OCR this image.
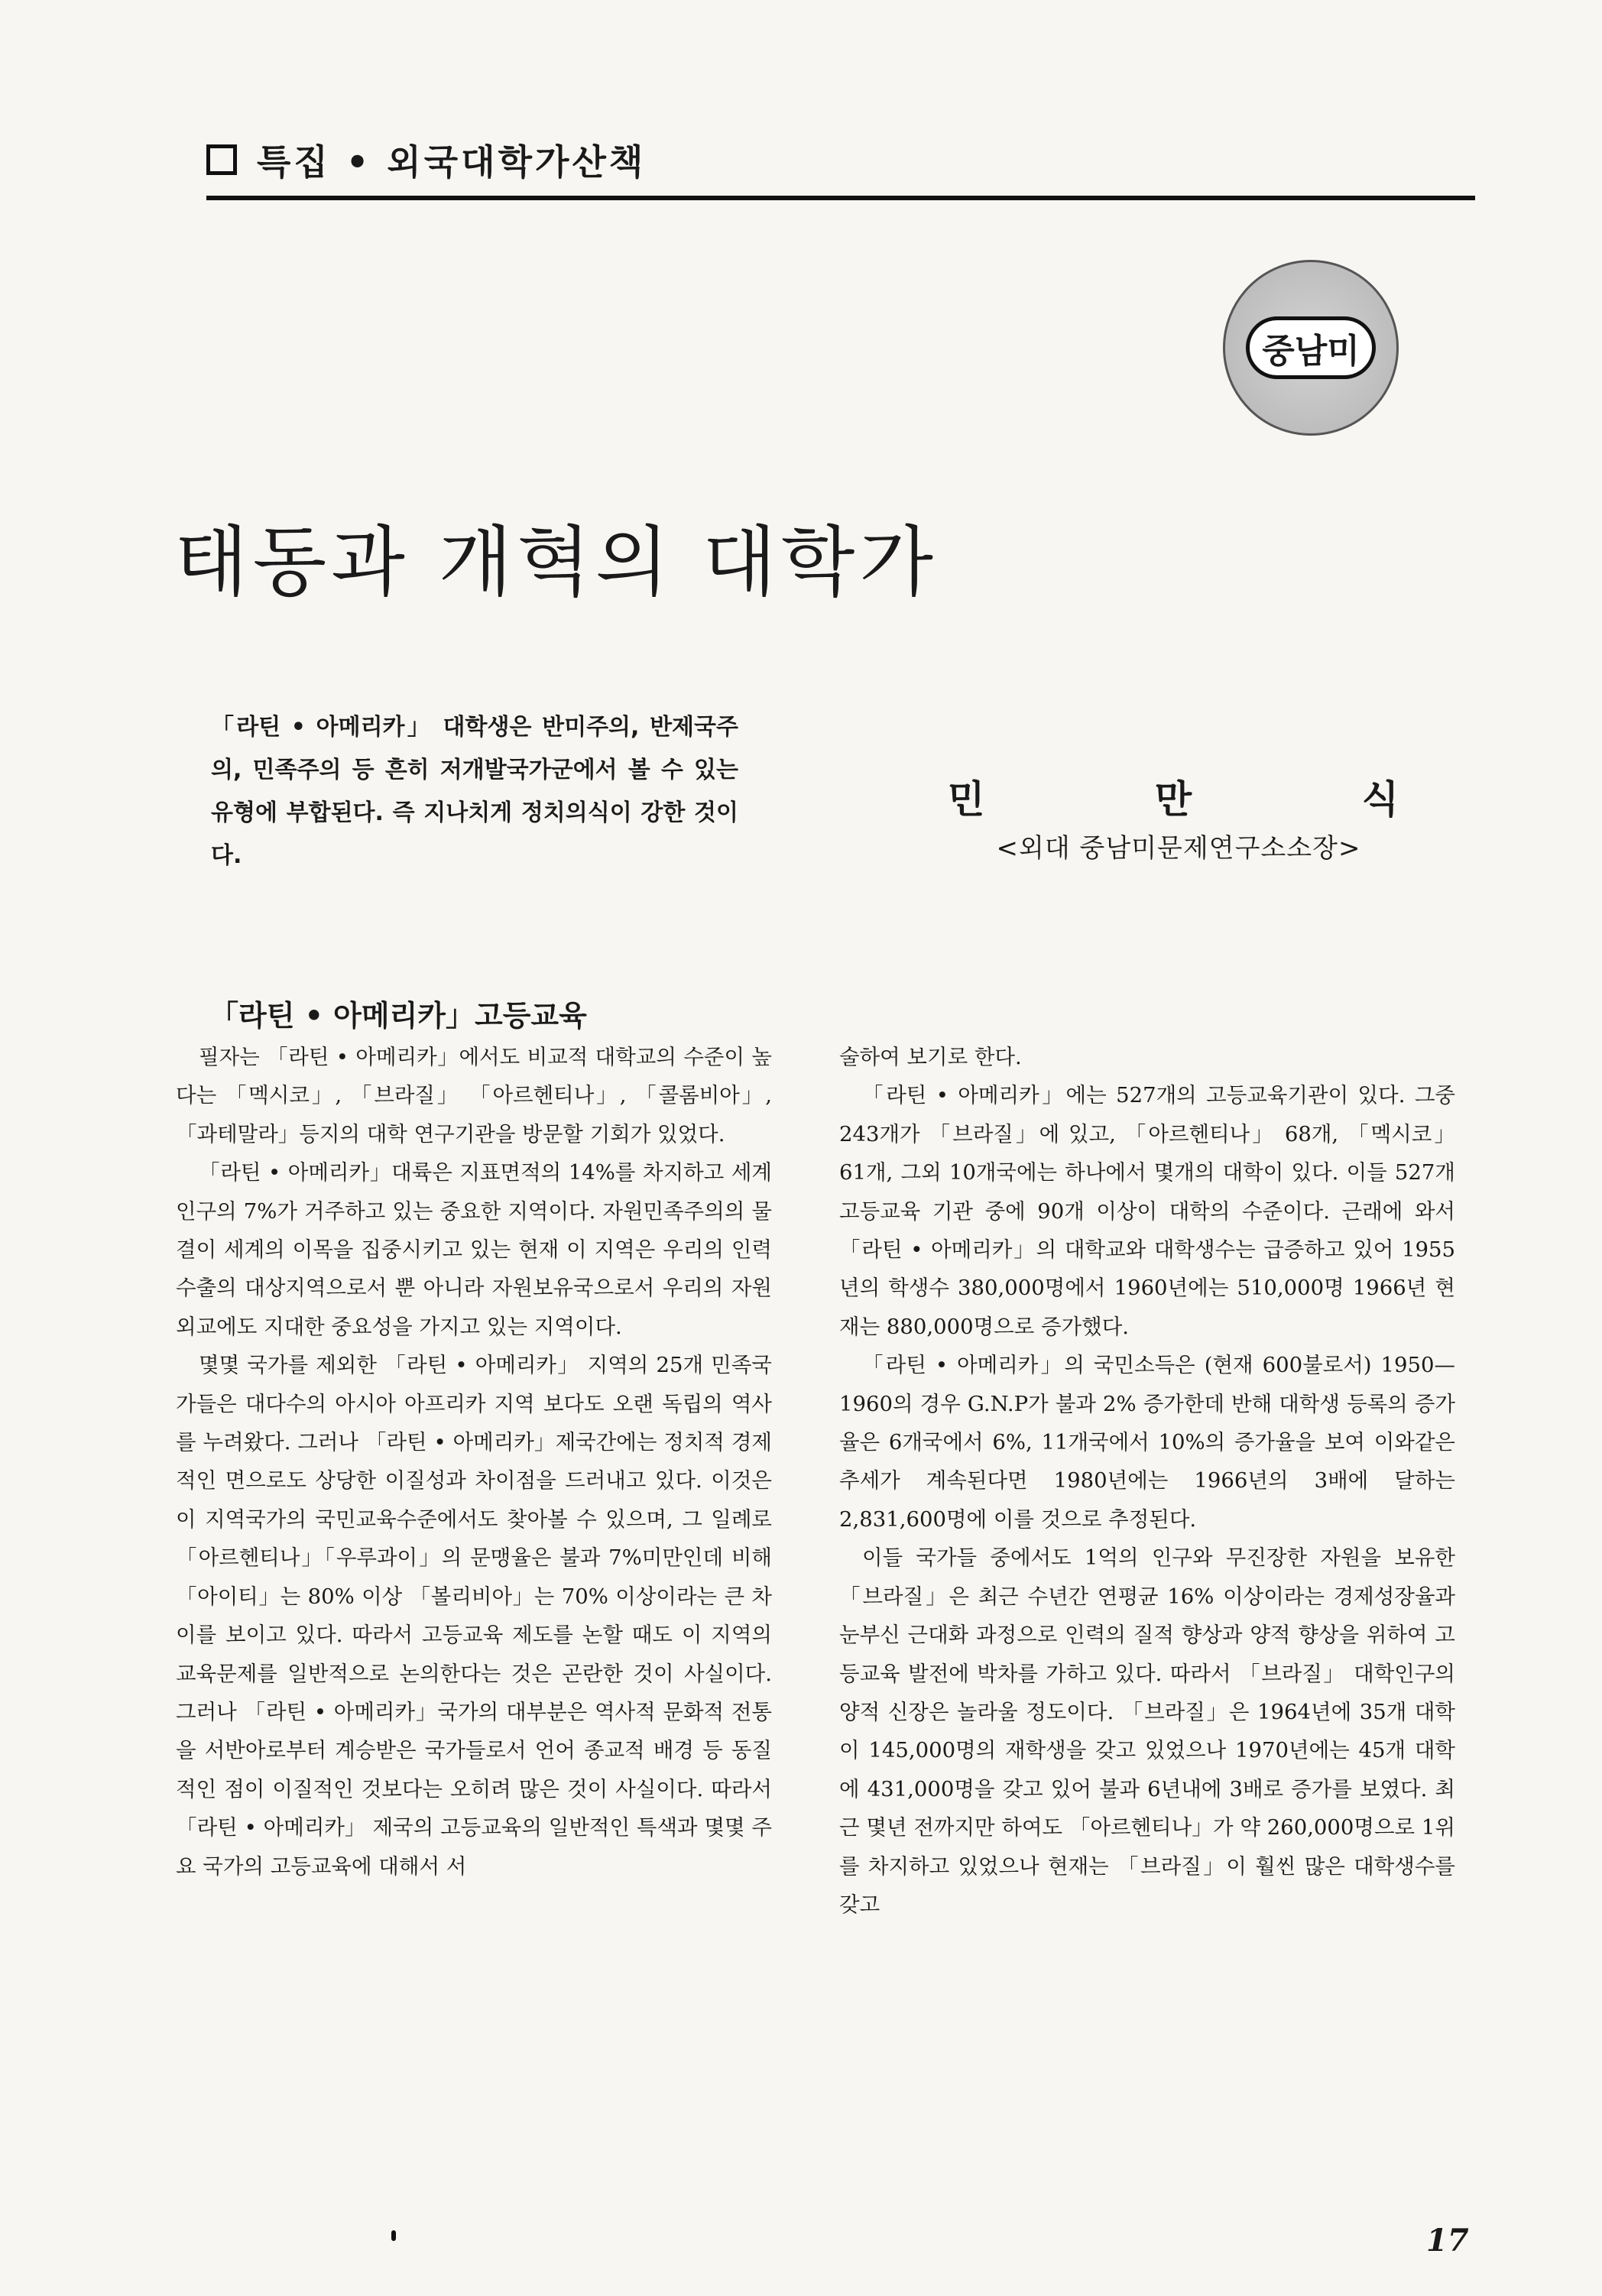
특집 • 외국대학가산책
중남미
태동과 개혁의 대학가
「라틴 • 아메리카」 대학생은 반미주의, 반제국주의, 민족주의 등 흔히 저개발국가군에서 볼 수 있는 유형에 부합된다. 즉 지나치게 정치의식이 강한 것이다.
민	만	식
<외대 중남미문제연구소소장>
「라틴 • 아메리카」고등교육

필자는 「라틴 • 아메리카」에서도 비교적 대학교의 수준이 높다는 「멕시코」, 「브라질」 「아르헨티나」, 「콜롬비아」, 「과테말라」등지의 대학 연구기관을 방문할 기회가 있었다.

「라틴 • 아메리카」대륙은 지표면적의 14%를 차지하고 세계인구의 7%가 거주하고 있는 중요한 지역이다. 자원민족주의의 물결이 세계의 이목을 집중시키고 있는 현재 이 지역은 우리의 인력수출의 대상지역으로서 뿐 아니라 자원보유국으로서 우리의 자원외교에도 지대한 중요성을 가지고 있는 지역이다.

몇몇 국가를 제외한 「라틴 • 아메리카」 지역의 25개 민족국가들은 대다수의 아시아 아프리카 지역 보다도 오랜 독립의 역사를 누려왔다. 그러나 「라틴 • 아메리카」제국간에는 정치적 경제적인 면으로도 상당한 이질성과 차이점을 드러내고 있다. 이것은 이 지역국가의 국민교육수준에서도 찾아볼 수 있으며, 그 일례로 「아르헨티나」「우루과이」의 문맹율은 불과 7%미만인데 비해 「아이티」는 80% 이상 「볼리비아」는 70% 이상이라는 큰 차이를 보이고 있다. 따라서 고등교육 제도를 논할 때도 이 지역의 교육문제를 일반적으로 논의한다는 것은 곤란한 것이 사실이다. 그러나 「라틴 • 아메리카」국가의 대부분은 역사적 문화적 전통을 서반아로부터 계승받은 국가들로서 언어 종교적 배경 등 동질적인 점이 이질적인 것보다는 오히려 많은 것이 사실이다. 따라서 「라틴 • 아메리카」 제국의 고등교육의 일반적인 특색과 몇몇 주요 국가의 고등교육에 대해서 서

술하여 보기로 한다.

「라틴 • 아메리카」에는 527개의 고등교육기관이 있다. 그중 243개가 「브라질」에 있고, 「아르헨티나」 68개, 「멕시코」 61개, 그외 10개국에는 하나에서 몇개의 대학이 있다. 이들 527개 고등교육 기관 중에 90개 이상이 대학의 수준이다. 근래에 와서 「라틴 • 아메리카」의 대학교와 대학생수는 급증하고 있어 1955년의 학생수 380,000명에서 1960년에는 510,000명 1966년 현재는 880,000명으로 증가했다.

「라틴 • 아메리카」의 국민소득은 (현재 600불로서) 1950—1960의 경우 G.N.P가 불과 2% 증가한데 반해 대학생 등록의 증가율은 6개국에서 6%, 11개국에서 10%의 증가율을 보여 이와같은 추세가 계속된다면 1980년에는 1966년의 3배에 달하는 2,831,600명에 이를 것으로 추정된다.

이들 국가들 중에서도 1억의 인구와 무진장한 자원을 보유한 「브라질」은 최근 수년간 연평균 16% 이상이라는 경제성장율과 눈부신 근대화 과정으로 인력의 질적 향상과 양적 향상을 위하여 고등교육 발전에 박차를 가하고 있다. 따라서 「브라질」 대학인구의 양적 신장은 놀라울 정도이다. 「브라질」은 1964년에 35개 대학이 145,000명의 재학생을 갖고 있었으나 1970년에는 45개 대학에 431,000명을 갖고 있어 불과 6년내에 3배로 증가를 보였다. 최근 몇년 전까지만 하여도 「아르헨티나」가 약 260,000명으로 1위를 차지하고 있었으나 현재는 「브라질」이 훨씬 많은 대학생수를 갖고

17
